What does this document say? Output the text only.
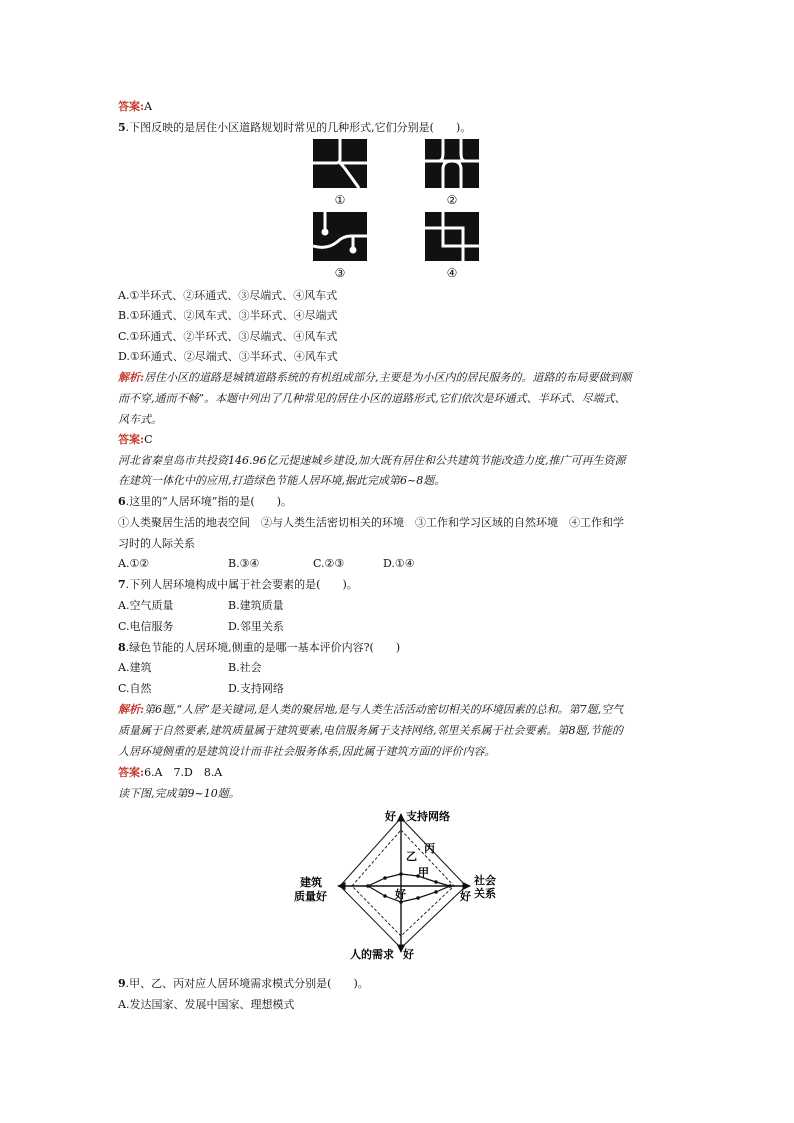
答案:A
5.下图反映的是居住小区道路规划时常见的几种形式,它们分别是(　　)。
①	②
③	④
A.①半环式、②环通式、③尽端式、④风车式
B.①环通式、②风车式、③半环式、④尽端式
C.①环通式、②半环式、③尽端式、④风车式
D.①环通式、②尽端式、③半环式、④风车式
解析:居住小区的道路是城镇道路系统的有机组成部分,主要是为小区内的居民服务的。道路的布局要做到顺
而不穿,通而不畅”。本题中列出了几种常见的居住小区的道路形式,它们依次是环通式、半环式、尽端式、
风车式。
答案:C
河北省秦皇岛市共投资146.96亿元提速城乡建设,加大既有居住和公共建筑节能改造力度,推广可再生资源
在建筑一体化中的应用,打造绿色节能人居环境,据此完成第6~8题。
6.这里的“人居环境”指的是(　　)。
①人类聚居生活的地表空间　②与人类生活密切相关的环境　③工作和学习区域的自然环境　④工作和学
习时的人际关系
A.①②	B.③④	C.②③	D.①④
7.下列人居环境构成中属于社会要素的是(　　)。
A.空气质量	B.建筑质量
C.电信服务	D.邻里关系
8.绿色节能的人居环境,侧重的是哪一基本评价内容?(　　)
A.建筑	B.社会
C.自然	D.支持网络
解析:第6题,“人居”是关键词,是人类的聚居地,是与人类生活活动密切相关的环境因素的总和。第7题,空气
质量属于自然要素,建筑质量属于建筑要素,电信服务属于支持网络,邻里关系属于社会要素。第8题,节能的
人居环境侧重的是建筑设计而非社会服务体系,因此属于建筑方面的评价内容。
答案:6.A　7.D　8.A
读下图,完成第9~10题。
好 支持网络
丙
乙
甲
好
社会
关系
好
建筑
质量好
人的需求 好
9.甲、乙、丙对应人居环境需求模式分别是(　　)。
A.发达国家、发展中国家、理想模式
